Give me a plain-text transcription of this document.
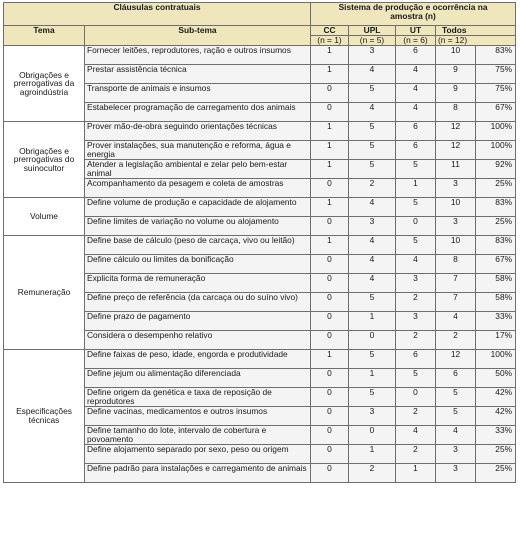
Cláusulas contratuais		Sistema de produção e ocorrência na
amostra (n)				

Tema	Sub-tema	CC	UPL	UT	Todos	
		(n = 1)	(n = 5)	(n = 6)	(n = 12)	
Obrigações e prerrogativas da agroindústria	Fornecer leitões, reprodutores, ração e outros insumos	1	3	6	10	83%
	Prestar assistência técnica	1	4	4	9	75%
	Transporte de animais e insumos	0	5	4	9	75%
	Estabelecer programação de carregamento dos animais	0	4	4	8	67%
Obrigações e prerrogativas do suinocultor	Prover mão-de-obra seguindo orientações técnicas	1	5	6	12	100%
	Prover instalações, sua manutenção e reforma, água e energia	1	5	6	12	100%
	Atender a legislação ambiental e zelar pelo bem-estar animal	1	5	5	11	92%
	Acompanhamento da pesagem e coleta de amostras	0	2	1	3	25%
Volume	Define volume de produção e capacidade de alojamento	1	4	5	10	83%
	Define limites de variação no volume ou alojamento	0	3	0	3	25%
Remuneração	Define base de cálculo (peso de carcaça, vivo ou leitão)	1	4	5	10	83%
	Define cálculo ou limites da bonificação	0	4	4	8	67%
	Explicita forma de remuneração	0	4	3	7	58%
	Define preço de referência (da carcaça ou do suíno vivo)	0	5	2	7	58%
	Define prazo de pagamento	0	1	3	4	33%
	Considera o desempenho relativo	0	0	2	2	17%
Especificações técnicas	Define faixas de peso, idade, engorda e produtividade	1	5	6	12	100%
	Define jejum ou alimentação diferenciada	0	1	5	6	50%
	Define origem da genética e taxa de reposição de reprodutores	0	5	0	5	42%
	Define vacinas, medicamentos e outros insumos	0	3	2	5	42%
	Define tamanho do lote, intervalo de cobertura e povoamento	0	0	4	4	33%
	Define alojamento separado por sexo, peso ou origem	0	1	2	3	25%
	Define padrão para instalações e carregamento de animais	0	2	1	3	25%
